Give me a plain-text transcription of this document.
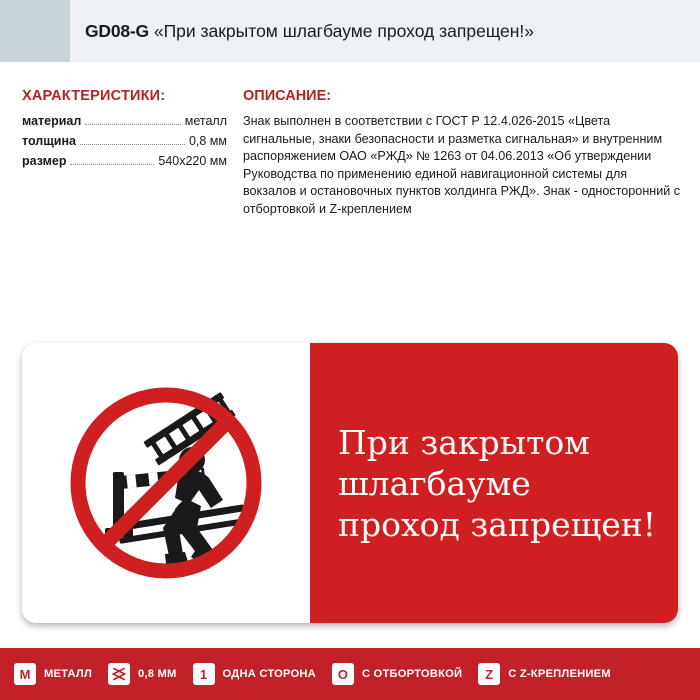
GD08-G «При закрытом шлагбауме проход запрещен!»
ХАРАКТЕРИСТИКИ:
материал	металл
толщина	0,8 мм
размер	540х220 мм
ОПИСАНИЕ:
Знак выполнен в соответствии с ГОСТ Р 12.4.026-2015 «Цвета сигнальные, знаки безопасности и разметка сигнальная» и внутренним распоряжением ОАО «РЖД» № 1263 от 04.06.2013 «Об утверждении Руководства по применению единой навигационной системы для вокзалов и остановочных пунктов холдинга РЖД». Знак - односторонний с отбортовкой и Z-креплением
При закрытом
шлагбауме
проход запрещен!
M	МЕТАЛЛ	0,8 ММ	1	ОДНА СТОРОНА	О	С ОТБОРТОВКОЙ	Z	С Z-КРЕПЛЕНИЕМ
